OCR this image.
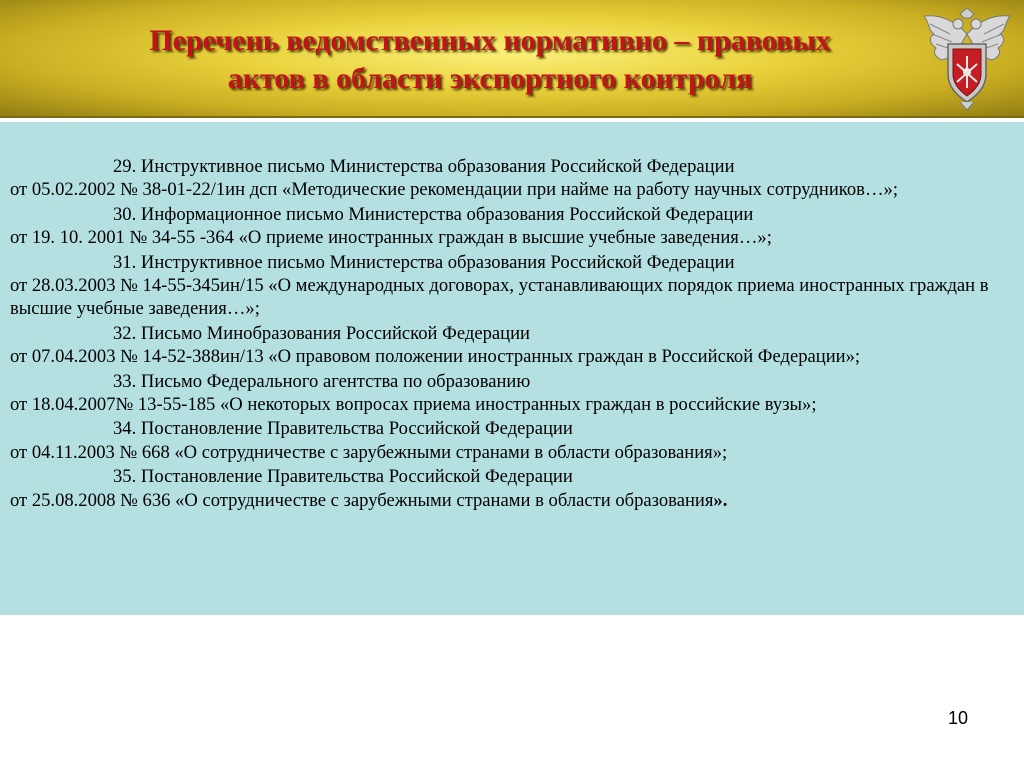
Перечень ведомственных нормативно – правовых
актов в области экспортного контроля
29. Инструктивное письмо Министерства образования Российской Федерации
от 05.02.2002 № 38-01-22/1ин дсп «Методические рекомендации при найме на работу научных сотрудников…»;
30. Информационное письмо Министерства образования Российской Федерации
от 19. 10. 2001 № 34-55 -364 «О приеме иностранных граждан в высшие учебные заведения…»;
31. Инструктивное письмо Министерства образования Российской Федерации
от 28.03.2003 № 14-55-345ин/15 «О международных договорах, устанавливающих порядок приема иностранных граждан в высшие учебные заведения…»;
32. Письмо Минобразования Российской Федерации
от 07.04.2003 № 14-52-388ин/13 «О правовом положении иностранных граждан в Российской Федерации»;
33. Письмо Федерального агентства по образованию
от 18.04.2007№ 13-55-185 «О некоторых вопросах приема иностранных граждан в российские вузы»;
34. Постановление Правительства Российской Федерации
от 04.11.2003 № 668 «О сотрудничестве с зарубежными странами в области образования»;
35. Постановление Правительства Российской Федерации
от 25.08.2008 № 636 «О сотрудничестве с зарубежными странами в области образования».
10
